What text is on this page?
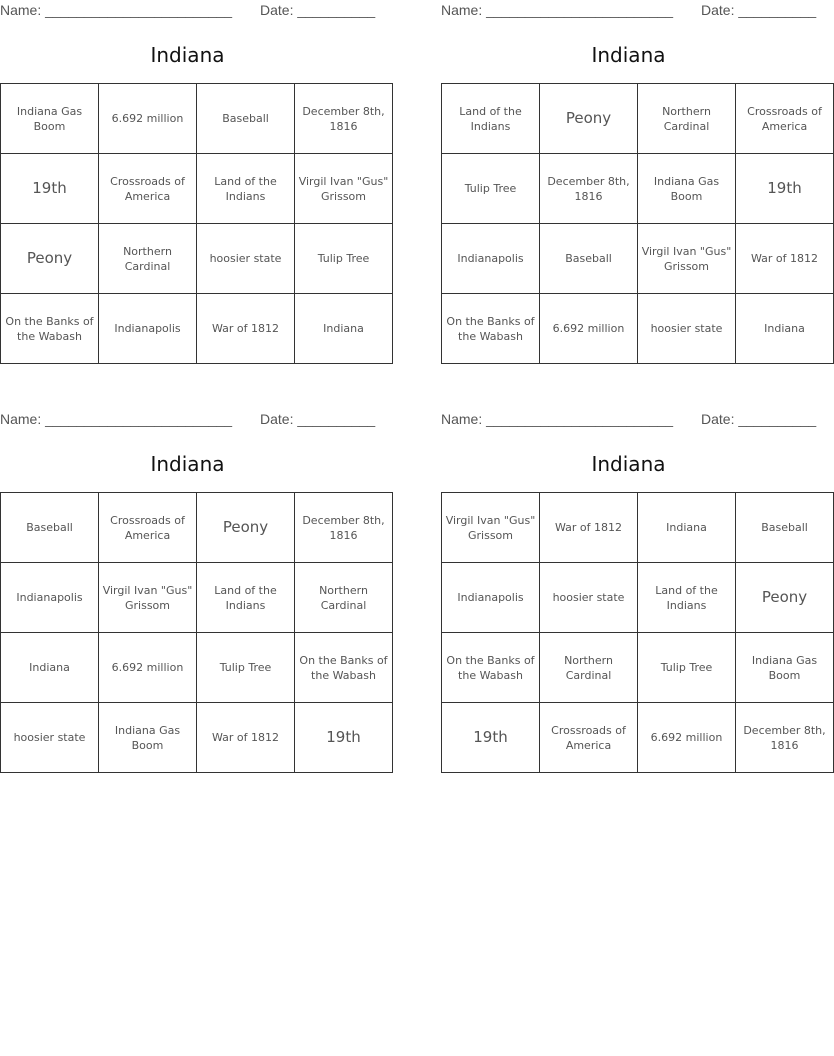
Name: ________________________ Date: __________
Indiana
Indiana Gas Boom	6.692 million	Baseball	December 8th, 1816
19th	Crossroads of America	Land of the Indians	Virgil Ivan "Gus" Grissom
Peony	Northern Cardinal	hoosier state	Tulip Tree
On the Banks of the Wabash	Indianapolis	War of 1812	Indiana
Name: ________________________ Date: __________
Indiana
Land of the Indians	Peony	Northern Cardinal	Crossroads of America
Tulip Tree	December 8th, 1816	Indiana Gas Boom	19th
Indianapolis	Baseball	Virgil Ivan "Gus" Grissom	War of 1812
On the Banks of the Wabash	6.692 million	hoosier state	Indiana
Name: ________________________ Date: __________
Indiana
Baseball	Crossroads of America	Peony	December 8th, 1816
Indianapolis	Virgil Ivan "Gus" Grissom	Land of the Indians	Northern Cardinal
Indiana	6.692 million	Tulip Tree	On the Banks of the Wabash
hoosier state	Indiana Gas Boom	War of 1812	19th
Name: ________________________ Date: __________
Indiana
Virgil Ivan "Gus" Grissom	War of 1812	Indiana	Baseball
Indianapolis	hoosier state	Land of the Indians	Peony
On the Banks of the Wabash	Northern Cardinal	Tulip Tree	Indiana Gas Boom
19th	Crossroads of America	6.692 million	December 8th, 1816
